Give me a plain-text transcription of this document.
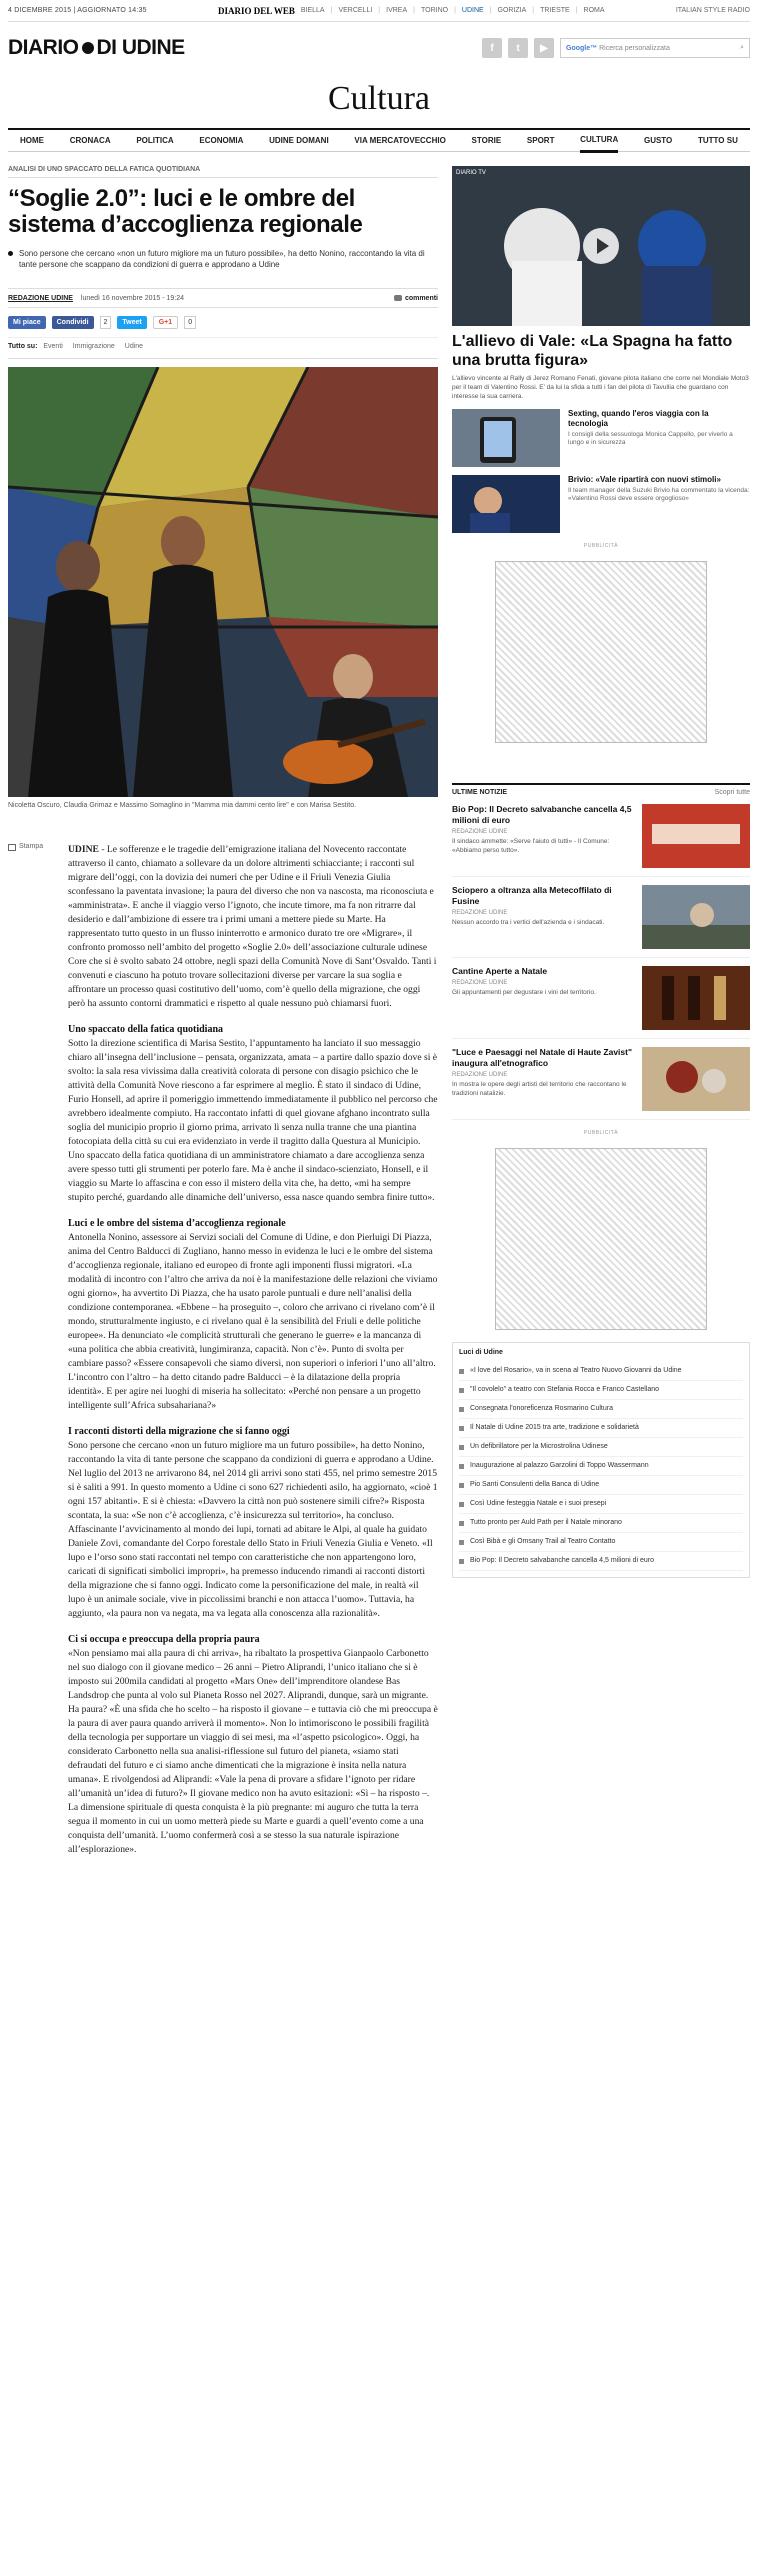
4 DICEMBRE 2015 | AGGIORNATO 14:35	DIARIO DEL WEB BIELLA | VERCELLI | IVREA | TORINO | UDINE | GORIZIA | TRIESTE | ROMA	ITALIAN STYLE RADIO
DIARIO DI UDINE	f	t	▶	Google™ Ricerca personalizzata	⌕
Cultura
HOME	CRONACA	POLITICA	ECONOMIA	UDINE DOMANI	VIA MERCATOVECCHIO	STORIE	SPORT	CULTURA	GUSTO	TUTTO SU
ANALISI DI UNO SPACCATO DELLA FATICA QUOTIDIANA
“Soglie 2.0”: luci e le ombre del sistema d’accoglienza regionale
Sono persone che cercano «non un futuro migliore ma un futuro possibile», ha detto Nonino, raccontando la vita di tante persone che scappano da condizioni di guerra e approdano a Udine
REDAZIONE UDINE lunedì 16 novembre 2015 - 19:24	commenti
Mi piace	Condividi	2	Tweet	G+1	0
Tutto su: Eventi Immigrazione Udine
Nicoletta Oscuro, Claudia Grimaz e Massimo Somaglino in "Mamma mia dammi cento lire" e con Marisa Sestito.
Stampa	UDINE - Le sofferenze e le tragedie dell’emigrazione italiana del Novecento raccontate attraverso il canto, chiamato a sollevare da un dolore altrimenti schiacciante; i racconti sul migrare dell’oggi, con la dovizia dei numeri che per Udine e il Friuli Venezia Giulia sconfessano la paventata invasione; la paura del diverso che non va nascosta, ma riconosciuta e «amministrata». E anche il viaggio verso l’ignoto, che incute timore, ma fa non ritrarre dal desiderio e dall’ambizione di essere tra i primi umani a mettere piede su Marte. Ha rappresentato tutto questo in un flusso ininterrotto e armonico durato tre ore «Migrare», il confronto promosso nell’ambito del progetto «Soglie 2.0» dell’associazione culturale udinese Core che si è svolto sabato 24 ottobre, negli spazi della Comunità Nove di Sant’Osvaldo. Tanti i convenuti e ciascuno ha potuto trovare sollecitazioni diverse per varcare la sua soglia e affrontare un processo quasi costitutivo dell’uomo, com’è quello della migrazione, che oggi però ha assunto contorni drammatici e rispetto al quale nessuno può chiamarsi fuori.

Uno spaccato della fatica quotidiana

Sotto la direzione scientifica di Marisa Sestito, l’appuntamento ha lanciato il suo messaggio chiaro all’insegna dell’inclusione – pensata, organizzata, amata – a partire dallo spazio dove si è svolto: la sala resa vivissima dalla creatività colorata di persone con disagio psichico che le attività della Comunità Nove riescono a far esprimere al meglio. È stato il sindaco di Udine, Furio Honsell, ad aprire il pomeriggio immettendo immediatamente il pubblico nel percorso che avrebbero idealmente compiuto. Ha raccontato infatti di quel giovane afghano incontrato sulla soglia del municipio proprio il giorno prima, arrivato lì senza nulla tranne che una piantina fotocopiata della città su cui era evidenziato in verde il tragitto dalla Questura al Municipio. Uno spaccato della fatica quotidiana di un amministratore chiamato a dare accoglienza senza avere spesso tutti gli strumenti per poterlo fare. Ma è anche il sindaco-scienziato, Honsell, e il viaggio su Marte lo affascina e con esso il mistero della vita che, ha detto, «mi ha sempre stupito perché, guardando alle dinamiche dell’universo, essa nasce quando sembra finire tutto».

Luci e le ombre del sistema d’accoglienza regionale

Antonella Nonino, assessore ai Servizi sociali del Comune di Udine, e don Pierluigi Di Piazza, anima del Centro Balducci di Zugliano, hanno messo in evidenza le luci e le ombre del sistema d’accoglienza regionale, italiano ed europeo di fronte agli imponenti flussi migratori. «La modalità di incontro con l’altro che arriva da noi è la manifestazione delle relazioni che viviamo ogni giorno», ha avvertito Di Piazza, che ha usato parole puntuali e dure nell’analisi della condizione contemporanea. «Ebbene – ha proseguito –, coloro che arrivano ci rivelano com’è il mondo, strutturalmente ingiusto, e ci rivelano qual è la sensibilità del Friuli e delle politiche europee». Ha denunciato «le complicità strutturali che generano le guerre» e la mancanza di «una politica che abbia creatività, lungimiranza, capacità. Non c’è». Punto di svolta per cambiare passo? «Essere consapevoli che siamo diversi, non superiori o inferiori l’uno all’altro. L’incontro con l’altro – ha detto citando padre Balducci – è la dilatazione della propria identità». E per agire nei luoghi di miseria ha sollecitato: «Perché non pensare a un progetto intelligente sull’Africa subsahariana?»

I racconti distorti della migrazione che si fanno oggi

Sono persone che cercano «non un futuro migliore ma un futuro possibile», ha detto Nonino, raccontando la vita di tante persone che scappano da condizioni di guerra e approdano a Udine. Nel luglio del 2013 ne arrivarono 84, nel 2014 gli arrivi sono stati 455, nel primo semestre 2015 si è saliti a 991. In questo momento a Udine ci sono 627 richiedenti asilo, ha aggiornato, «cioè 1 ogni 157 abitanti». E si è chiesta: «Davvero la città non può sostenere simili cifre?» Risposta scontata, la sua: «Se non c’è accoglienza, c’è insicurezza sul territorio», ha concluso. Affascinante l’avvicinamento al mondo dei lupi, tornati ad abitare le Alpi, al quale ha guidato Daniele Zovi, comandante del Corpo forestale dello Stato in Friuli Venezia Giulia e Veneto. «Il lupo e l’orso sono stati raccontati nel tempo con caratteristiche che non appartengono loro, caricati di significati simbolici impropri», ha premesso inducendo rimandi ai racconti distorti della migrazione che si fanno oggi. Indicato come la personificazione del male, in realtà «il lupo è un animale sociale, vive in piccolissimi branchi e non attacca l’uomo». Tuttavia, ha aggiunto, «la paura non va negata, ma va legata alla conoscenza alla razionalità».

Ci si occupa e preoccupa della propria paura

«Non pensiamo mai alla paura di chi arriva», ha ribaltato la prospettiva Gianpaolo Carbonetto nel suo dialogo con il giovane medico – 26 anni – Pietro Aliprandi, l’unico italiano che si è imposto sui 200mila candidati al progetto «Mars One» dell’imprenditore olandese Bas Landsdrop che punta al volo sul Pianeta Rosso nel 2027. Aliprandi, dunque, sarà un migrante. Ha paura? «È una sfida che ho scelto – ha risposto il giovane – e tuttavia ciò che mi preoccupa è la paura di aver paura quando arriverà il momento». Non lo intimoriscono le possibili fragilità della tecnologia per supportare un viaggio di sei mesi, ma «l’aspetto psicologico». Oggi, ha considerato Carbonetto nella sua analisi-riflessione sul futuro del pianeta, «siamo stati defraudati del futuro e ci siamo anche dimenticati che la migrazione è insita nella natura umana». E rivolgendosi ad Aliprandi: «Vale la pena di provare a sfidare l’ignoto per ridare all’umanità un’idea di futuro?» Il giovane medico non ha avuto esitazioni: «Sì – ha risposto –. La dimensione spirituale di questa conquista è la più pregnante: mi auguro che tutta la terra segua il momento in cui un uomo metterà piede su Marte e guardi a quell’evento come a una conquista dell’umanità. L’uomo confermerà così a se stesso la sua naturale ispirazione all’esplorazione».

DIARIO TV
L'allievo di Vale: «La Spagna ha fatto una brutta figura»
L'allievo vincente al Rally di Jerez Romano Fenati, giovane pilota italiano che corre nel Mondiale Moto3 per il team di Valentino Rossi. E' da lui la sfida a tutti i fan del pilota di Tavullia che guardano con interesse la sua carriera.
Sexting, quando l'eros viaggia con la tecnologia
I consigli della sessuologa Monica Cappello, per viverlo a lungo e in sicurezza
Brivio: «Vale ripartirà con nuovi stimoli»
Il team manager della Suzuki Brivio ha commentato la vicenda: «Valentino Rossi deve essere orgoglioso»
PUBBLICITÀ
ULTIME NOTIZIE	Scopri tutte
Bio Pop: Il Decreto salvabanche cancella 4,5 milioni di euro
REDAZIONE UDINE
Il sindaco ammette: «Serve l'aiuto di tutti» - Il Comune: «Abbiamo perso tutto».
Sciopero a oltranza alla Metecoffilato di Fusine
REDAZIONE UDINE
Nessun accordo tra i vertici dell'azienda e i sindacati.
Cantine Aperte a Natale
REDAZIONE UDINE
Gli appuntamenti per degustare i vini del territorio.
"Luce e Paesaggi nel Natale di Haute Zavist" inaugura all'etnografico
REDAZIONE UDINE
In mostra le opere degli artisti del territorio che raccontano le tradizioni natalizie.
PUBBLICITÀ
Luci di Udine
«I love del Rosario», va in scena al Teatro Nuovo Giovanni da Udine
"Il covolelo" a teatro con Stefania Rocca e Franco Castellano
Consegnata l'onoreficenza Rosmarino Cultura
Il Natale di Udine 2015 tra arte, tradizione e solidarietà
Un defibrillatore per la Microstrolina Udinese
Inaugurazione al palazzo Garzolini di Toppo Wassermann
Pio Santi Consulenti della Banca di Udine
Così Udine festeggia Natale e i suoi presepi
Tutto pronto per Auld Path per il Natale minorano
Così Bibà e gli Omsany Trail al Teatro Contatto
Bio Pop: Il Decreto salvabanche cancella 4,5 milioni di euro
